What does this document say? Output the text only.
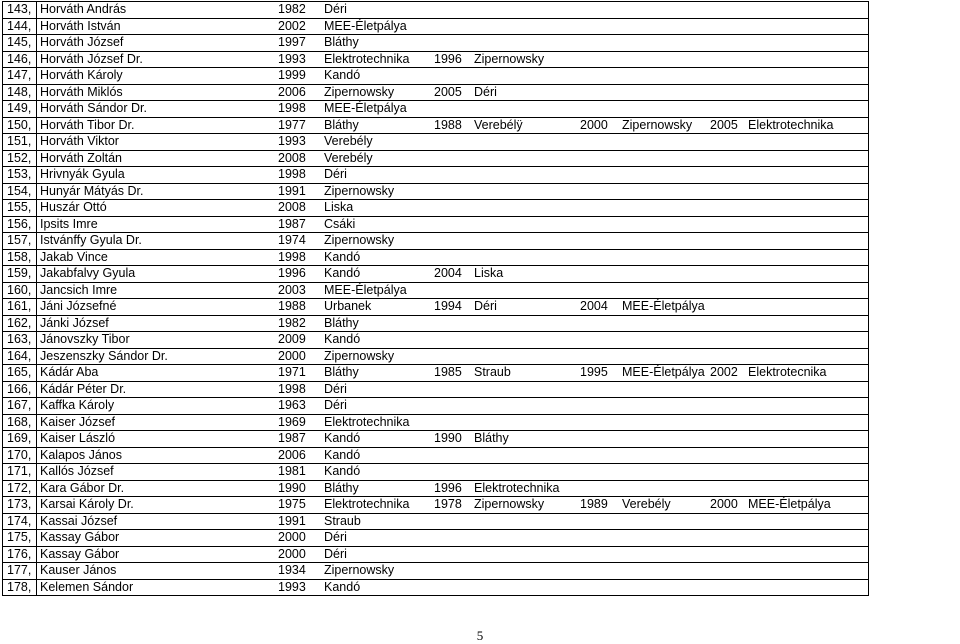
143, Horváth András	1982 Déri
144, Horváth István	2002 MEE-Életpálya
145, Horváth József	1997 Bláthy
146, Horváth József Dr.	1993 Elektrotechnika 1996 Zipernowsky
147, Horváth Károly	1999 Kandó
148, Horváth Miklós	2006 Zipernowsky	2005 Déri
149, Horváth Sándor Dr.	1998 MEE-Életpálya
150, Horváth Tibor Dr.	1977 Bláthy	1988 Verebélÿ	2000 Zipernowsky 2005 Elektrotechnika
151, Horváth Viktor	1993 Verebély
152, Horváth Zoltán	2008 Verebély
153, Hrivnyák Gyula	1998 Déri
154, Hunyár Mátyás Dr.	1991 Zipernowsky
155, Huszár Ottó	2008 Liska
156, Ipsits Imre	1987 Csáki
157, Istvánffy Gyula Dr.	1974 Zipernowsky
158, Jakab Vince	1998 Kandó
159, Jakabfalvy Gyula	1996 Kandó	2004 Liska
160, Jancsich Imre	2003 MEE-Életpálya
161, Jáni Józsefné	1988 Urbanek	1994 Déri	2004 MEE-Életpálya
162, Jánki József	1982 Bláthy
163, Jánovszky Tibor	2009 Kandó
164, Jeszenszky Sándor Dr.	2000 Zipernowsky
165, Kádár Aba	1971 Bláthy	1985 Straub	1995 MEE-Életpálya 2002 Elektrotecnika
166, Kádár Péter Dr.	1998 Déri
167, Kaffka Károly	1963 Déri
168, Kaiser József	1969 Elektrotechnika
169, Kaiser László	1987 Kandó	1990 Bláthy
170, Kalapos János	2006 Kandó
171, Kallós József	1981 Kandó
172, Kara Gábor Dr.	1990 Bláthy	1996 Elektrotechnika
173, Karsai Károly Dr.	1975 Elektrotechnika 1978 Zipernowsky	1989 Verebély	2000 MEE-Életpálya
174, Kassai József	1991 Straub
175, Kassay Gábor	2000 Déri
176, Kassay Gábor	2000 Déri
177, Kauser János	1934 Zipernowsky
178, Kelemen Sándor	1993 Kandó
5
